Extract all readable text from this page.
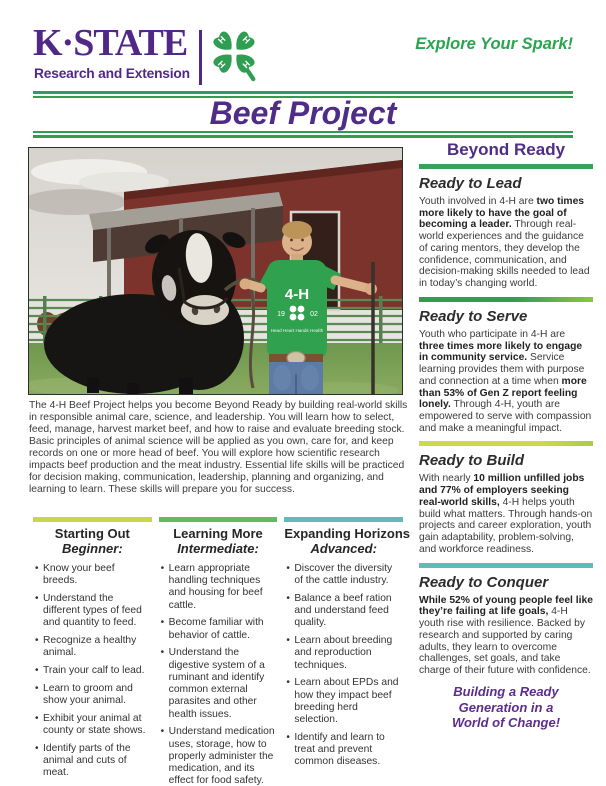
K·STATE
Research and Extension
H
H
H
H	Explore Your Spark!
Beef Project
4-H
19	02
Head Heart Hands Health

The 4-H Beef Project helps you become Beyond Ready by building real-world skills in responsible animal care, science, and leadership. You will learn how to select, feed, manage, harvest market beef, and how to raise and evaluate breeding stock. Basic principles of animal science will be applied as you own, care for, and keep records on one or more head of beef. You will explore how scientific research impacts beef production and the meat industry. Essential life skills will be practiced for decision making, communication, leadership, planning and organizing, and learning to learn. These skills will prepare you for success.

Starting Out
Beginner:
• Know your beef breeds.
• Understand the different types of feed and quantity to feed.
• Recognize a healthy animal.
• Train your calf to lead.
• Learn to groom and show your animal.
• Exhibit your animal at county or state shows.
• Identify parts of the animal and cuts of meat.
Learning More
Intermediate:
• Learn appropriate handling techniques and housing for beef cattle.
• Become familiar with behavior of cattle.
• Understand the digestive system of a ruminant and identify common external parasites and other health issues.
• Understand medication uses, storage, how to properly administer the medication, and its effect for food safety.
Expanding Horizons
Advanced:
• Discover the diversity of the cattle industry.
• Balance a beef ration and understand feed quality.
• Learn about breeding and reproduction techniques.
• Learn about EPDs and how they impact beef breeding herd selection.
• Identify and learn to treat and prevent common diseases.
Beyond Ready
Ready to Lead

Youth involved in 4-H are two times more likely to have the goal of becoming a leader. Through real-world experiences and the guidance of caring mentors, they develop the confidence, communication, and decision-making skills needed to lead in today’s changing world.

Ready to Serve

Youth who participate in 4-H are three times more likely to engage in community service. Service learning provides them with purpose and connection at a time when more than 53% of Gen Z report feeling lonely. Through 4-H, youth are empowered to serve with compassion and make a meaningful impact.

Ready to Build

With nearly 10 million unfilled jobs and 77% of employers seeking real-world skills, 4-H helps youth build what matters. Through hands-on projects and career exploration, youth gain adaptability, problem-solving, and workforce readiness.

Ready to Conquer

While 52% of young people feel like they’re failing at life goals, 4-H youth rise with resilience. Backed by research and supported by caring adults, they learn to overcome challenges, set goals, and take charge of their future with confidence.

Building a Ready Generation in a World of Change!
